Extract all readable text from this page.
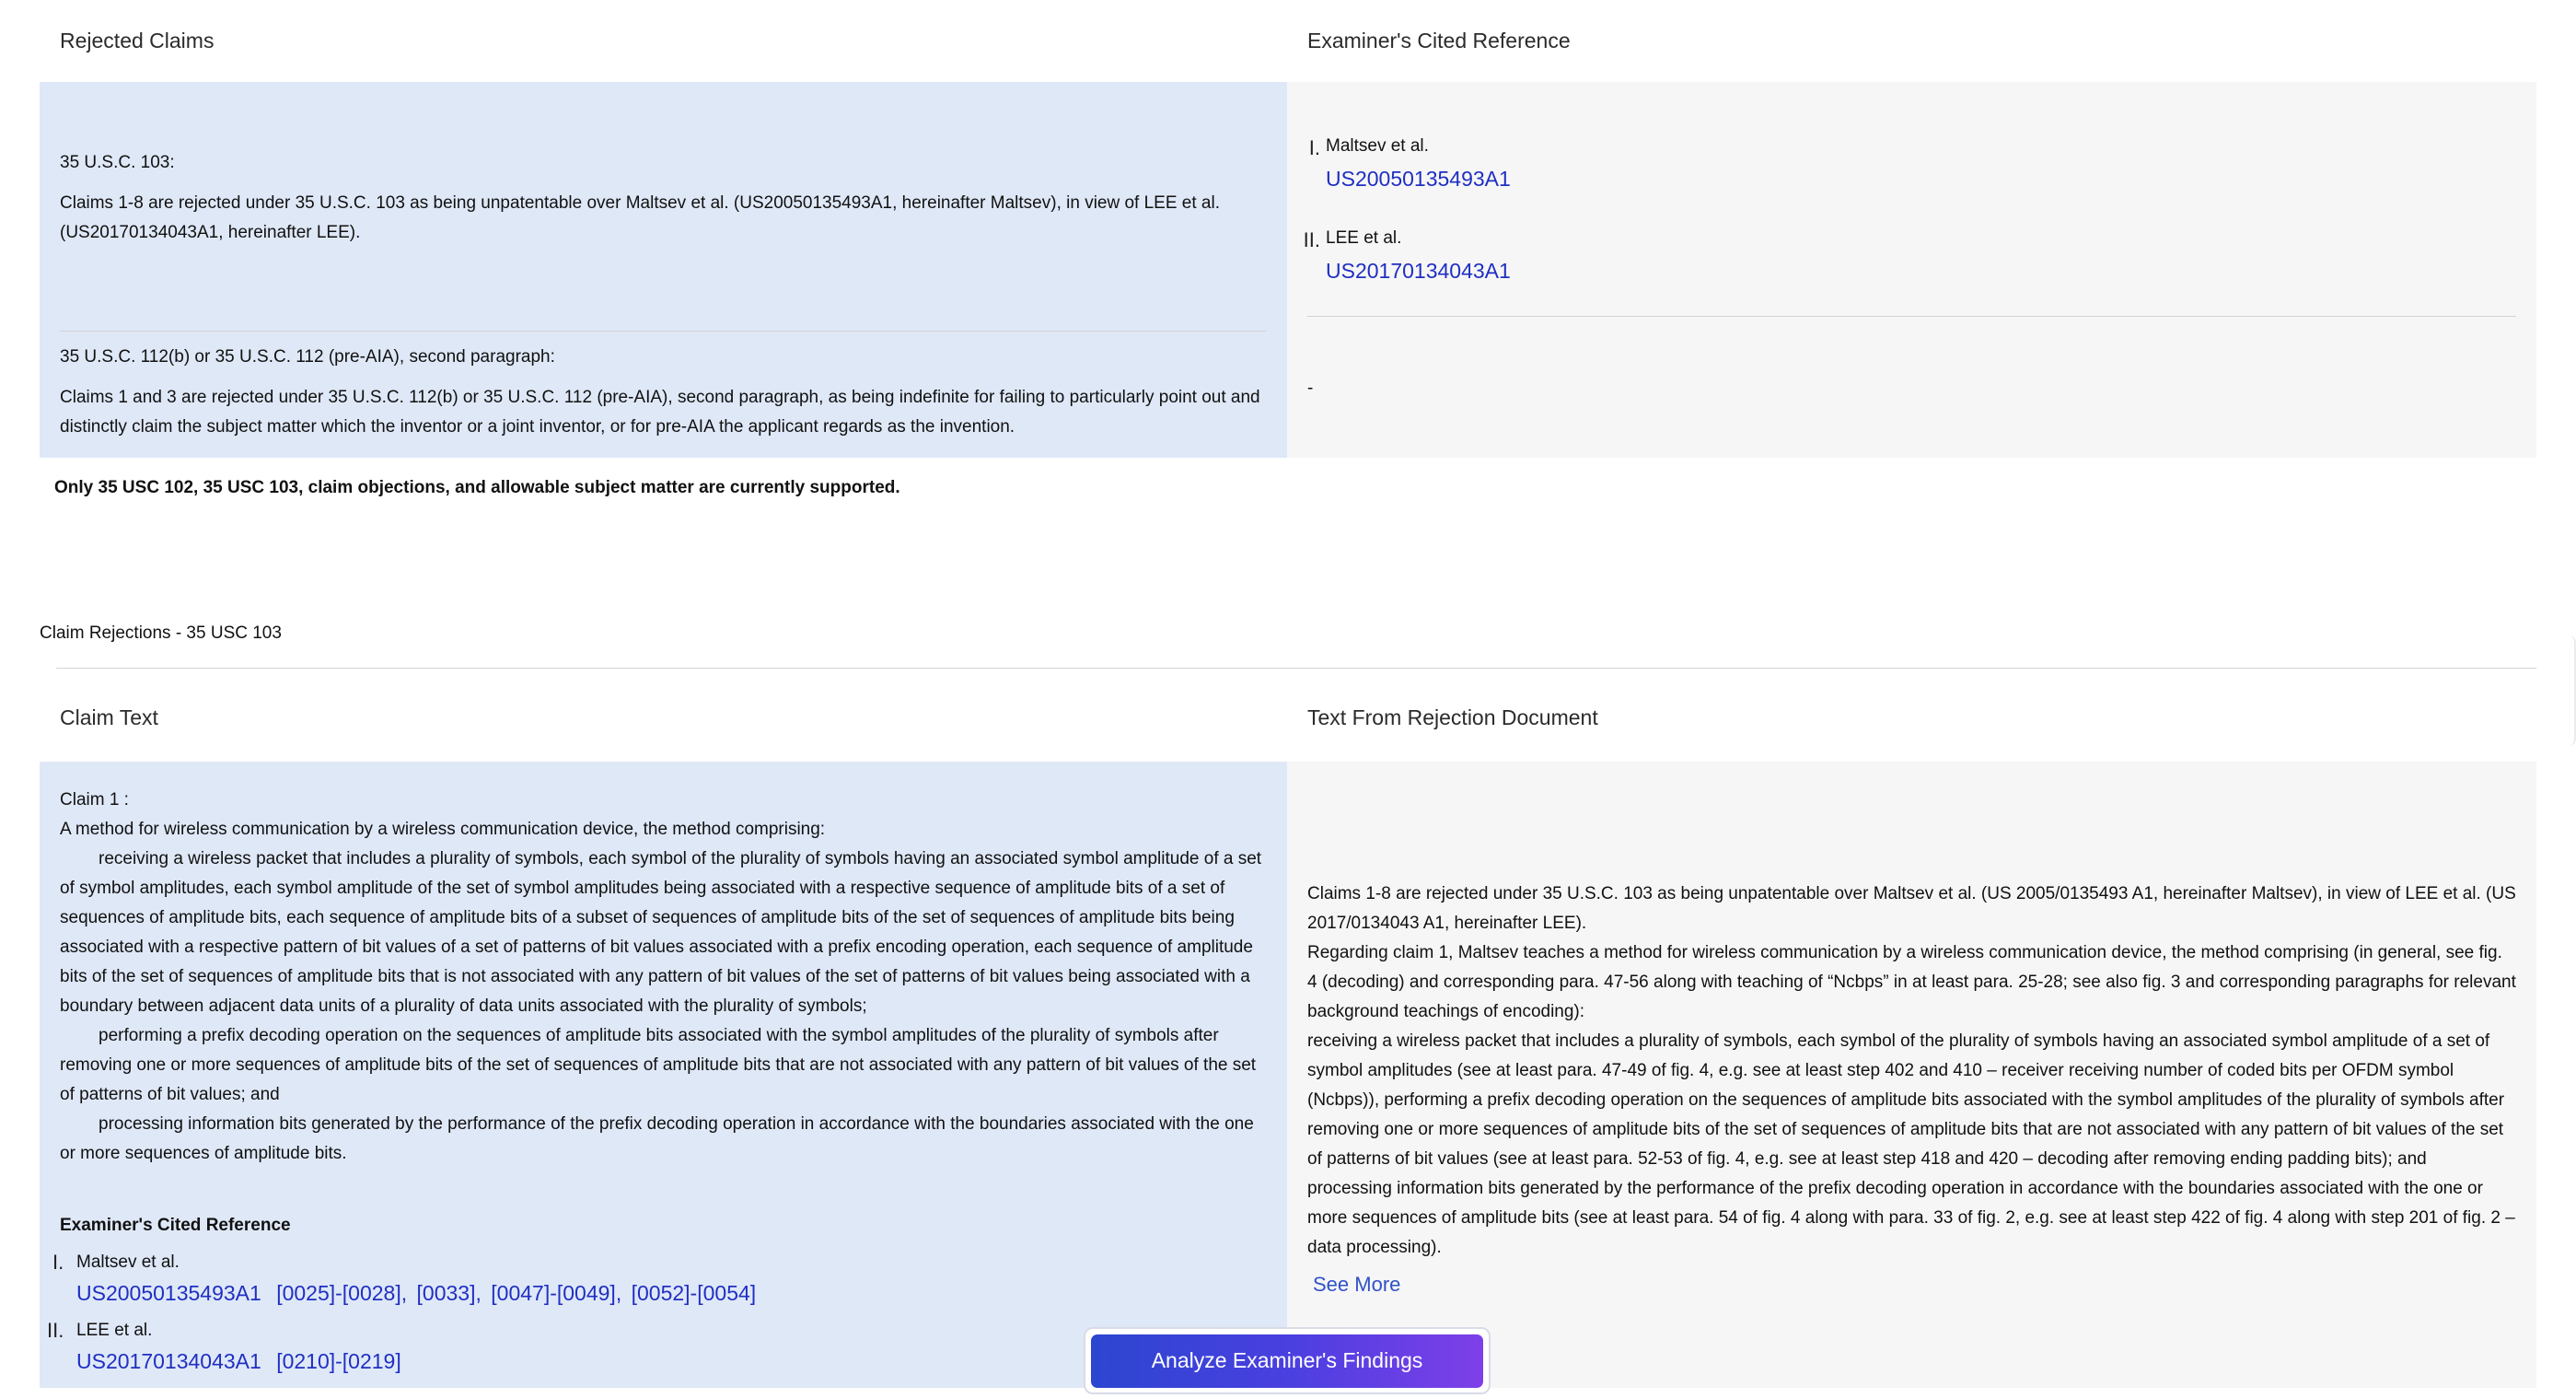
Rejected Claims	Examiner's Cited Reference

35 U.S.C. 103:

Claims 1-8 are rejected under 35 U.S.C. 103 as being unpatentable over Maltsev et al. (US20050135493A1, hereinafter Maltsev), in view of LEE et al. (US20170134043A1, hereinafter LEE).

I. Maltsev et al.
US20050135493A1
II. LEE et al.
US20170134043A1

35 U.S.C. 112(b) or 35 U.S.C. 112 (pre-AIA), second paragraph:

Claims 1 and 3 are rejected under 35 U.S.C. 112(b) or 35 U.S.C. 112 (pre-AIA), second paragraph, as being indefinite for failing to particularly point out and distinctly claim the subject matter which the inventor or a joint inventor, or for pre-AIA the applicant regards as the invention.

-
Only 35 USC 102, 35 USC 103, claim objections, and allowable subject matter are currently supported.
Claim Rejections - 35 USC 103
Claim Text	Text From Rejection Document
Claim 1 :
A method for wireless communication by a wireless communication device, the method comprising:
receiving a wireless packet that includes a plurality of symbols, each symbol of the plurality of symbols having an associated symbol amplitude of a set of symbol amplitudes, each symbol amplitude of the set of symbol amplitudes being associated with a respective sequence of amplitude bits of a set of sequences of amplitude bits, each sequence of amplitude bits of a subset of sequences of amplitude bits of the set of sequences of amplitude bits being associated with a respective pattern of bit values of a set of patterns of bit values associated with a prefix encoding operation, each sequence of amplitude bits of the set of sequences of amplitude bits that is not associated with any pattern of bit values of the set of patterns of bit values being associated with a boundary between adjacent data units of a plurality of data units associated with the plurality of symbols;
performing a prefix decoding operation on the sequences of amplitude bits associated with the symbol amplitudes of the plurality of symbols after removing one or more sequences of amplitude bits of the set of sequences of amplitude bits that are not associated with any pattern of bit values of the set of patterns of bit values; and
processing information bits generated by the performance of the prefix decoding operation in accordance with the boundaries associated with the one or more sequences of amplitude bits.
Examiner's Cited Reference
I. Maltsev et al.
US20050135493A1 [0025]-[0028], [0033], [0047]-[0049], [0052]-[0054]
II. LEE et al.
US20170134043A1 [0210]-[0219]
Claims 1-8 are rejected under 35 U.S.C. 103 as being unpatentable over Maltsev et al. (US 2005/0135493 A1, hereinafter Maltsev), in view of LEE et al. (US 2017/0134043 A1, hereinafter LEE).
Regarding claim 1, Maltsev teaches a method for wireless communication by a wireless communication device, the method comprising (in general, see fig. 4 (decoding) and corresponding para. 47-56 along with teaching of “Ncbps” in at least para. 25-28; see also fig. 3 and corresponding paragraphs for relevant background teachings of encoding):
receiving a wireless packet that includes a plurality of symbols, each symbol of the plurality of symbols having an associated symbol amplitude of a set of symbol amplitudes (see at least para. 47-49 of fig. 4, e.g. see at least step 402 and 410 – receiver receiving number of coded bits per OFDM symbol (Ncbps)), performing a prefix decoding operation on the sequences of amplitude bits associated with the symbol amplitudes of the plurality of symbols after removing one or more sequences of amplitude bits of the set of sequences of amplitude bits that are not associated with any pattern of bit values of the set of patterns of bit values (see at least para. 52-53 of fig. 4, e.g. see at least step 418 and 420 – decoding after removing ending padding bits); and
processing information bits generated by the performance of the prefix decoding operation in accordance with the boundaries associated with the one or more sequences of amplitude bits (see at least para. 54 of fig. 4 along with para. 33 of fig. 2, e.g. see at least step 422 of fig. 4 along with step 201 of fig. 2 – data processing).
See More
Analyze Examiner's Findings
